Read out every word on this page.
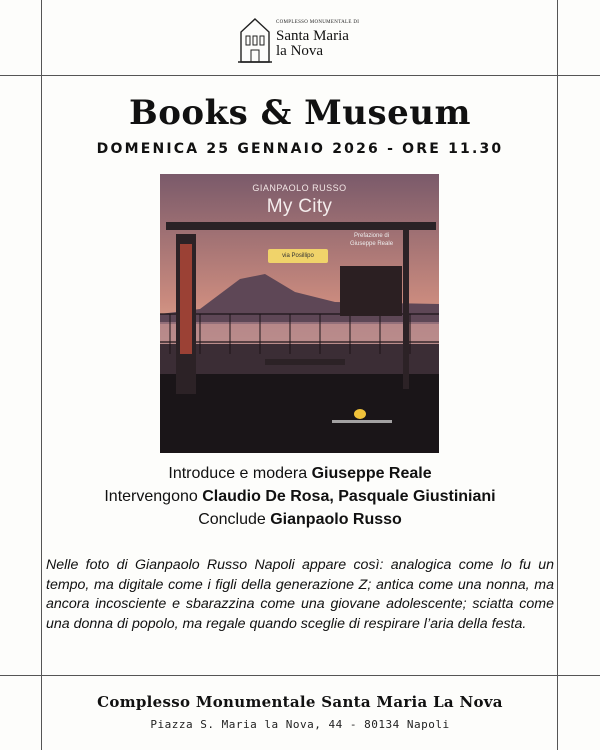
COMPLESSO MONUMENTALE DI
Santa Maria
la Nova
Books & Museum
DOMENICA 25 GENNAIO 2026 - ORE 11.30
GIANPAOLO RUSSO
My City
Prefazione di
Giuseppe Reale
via Posillipo
Introduce e modera Giuseppe Reale
Intervengono Claudio De Rosa, Pasquale Giustiniani
Conclude Gianpaolo Russo
Nelle foto di Gianpaolo Russo Napoli appare così: analogica come lo fu un tempo, ma digitale come i figli della generazione Z; antica come una nonna, ma ancora incosciente e sbarazzina come una giovane adolescente; sciatta come una donna di popolo, ma regale quando sceglie di respirare l’aria della festa.
Complesso Monumentale Santa Maria La Nova
Piazza S. Maria la Nova, 44 - 80134 Napoli
